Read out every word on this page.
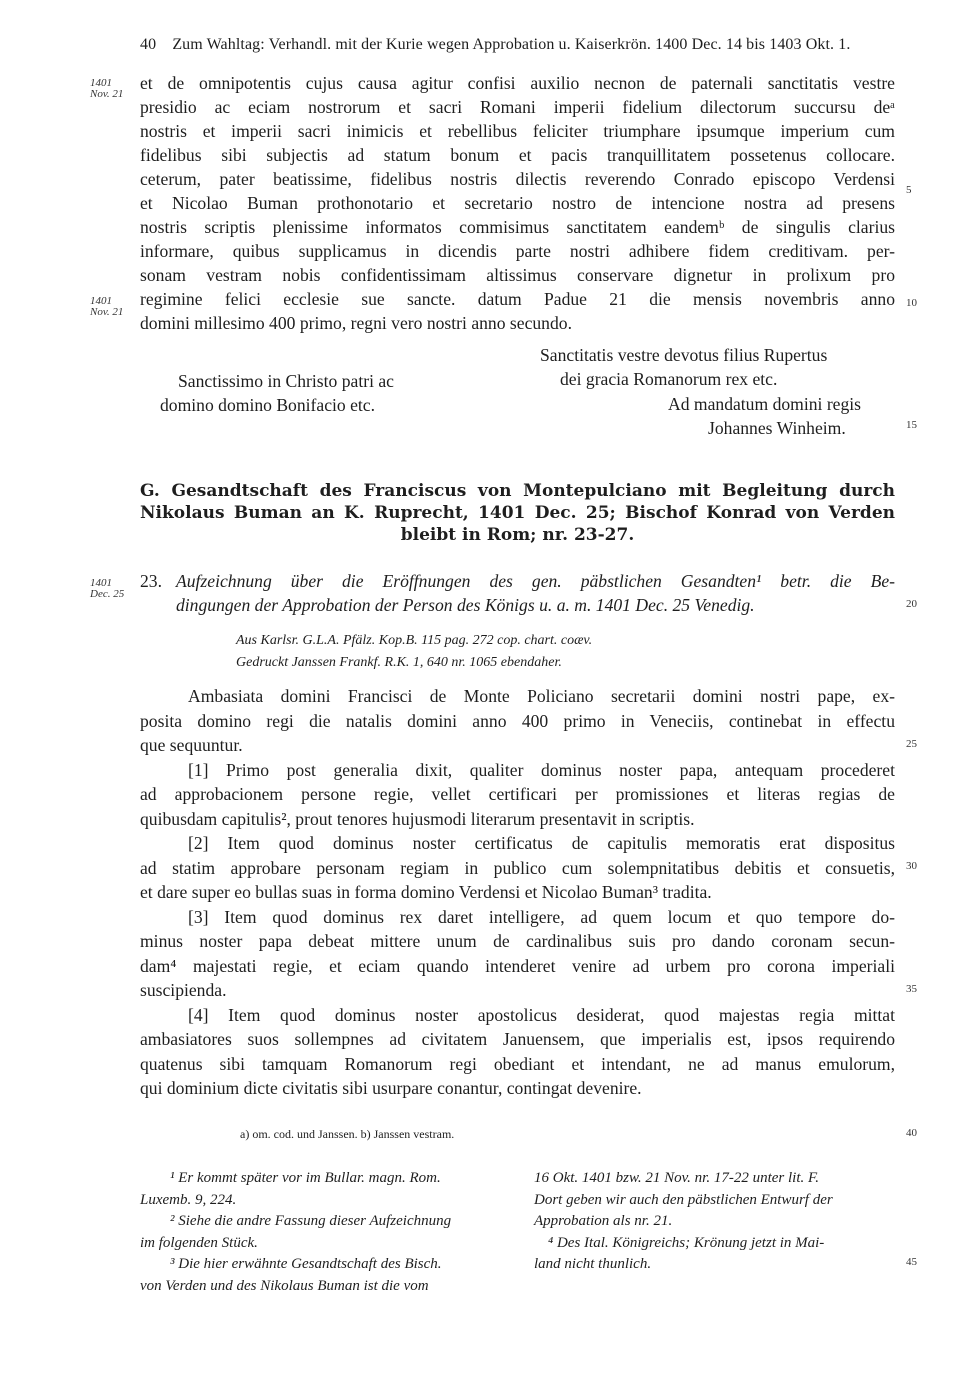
40 Zum Wahltag: Verhandl. mit der Kurie wegen Approbation u. Kaiserkrön. 1400 Dec. 14 bis 1403 Okt. 1.
1401
Nov. 21
1401
Nov. 21
et de omnipotentis cujus causa agitur confisi auxilio necnon de paternali sanctitatis vestre
presidio ac eciam nostrorum et sacri Romani imperii fidelium dilectorum succursu deᵃ
nostris et imperii sacri inimicis et rebellibus feliciter triumphare ipsumque imperium cum
fidelibus sibi subjectis ad statum bonum et pacis tranquillitatem possetenus collocare.
ceterum, pater beatissime, fidelibus nostris dilectis reverendo Conrado episcopo Verdensi
et Nicolao Buman prothonotario et secretario nostro de intencione nostra ad presens
nostris scriptis plenissime informatos commisimus sanctitatem eandemᵇ de singulis clarius
informare, quibus supplicamus in dicendis parte nostri adhibere fidem creditivam. per-
sonam vestram nobis confidentissimam altissimus conservare dignetur in prolixum pro
regimine felici ecclesie sue sancte. datum Padue 21 die mensis novembris anno
domini millesimo 400 primo, regni vero nostri anno secundo.
5
10
15
Sanctitatis vestre devotus filius Rupertus
dei gracia Romanorum rex etc.
Sanctissimo in Christo patri ac
domino domino Bonifacio etc.	Ad mandatum domini regis
Johannes Winheim.
G. Gesandtschaft des Franciscus von Montepulciano mit Begleitung durch
Nikolaus Buman an K. Ruprecht, 1401 Dec. 25; Bischof Konrad von Verden
bleibt in Rom; nr. 23-27.
1401
Dec. 25
23. Aufzeichnung über die Eröffnungen des gen. päbstlichen Gesandten¹ betr. die Be-
dingungen der Approbation der Person des Königs u. a. m. 1401 Dec. 25 Venedig.	20
Aus Karlsr. G.L.A. Pfälz. Kop.B. 115 pag. 272 cop. chart. coæv.
Gedruckt Janssen Frankf. R.K. 1, 640 nr. 1065 ebendaher.
Ambasiata domini Francisci de Monte Policiano secretarii domini nostri pape, ex-
posita domino regi die natalis domini anno 400 primo in Veneciis, continebat in effectu
que sequuntur.
[1] Primo post generalia dixit, qualiter dominus noster papa, antequam procederet
ad approbacionem persone regie, vellet certificari per promissiones et literas regias de
quibusdam capitulis², prout tenores hujusmodi literarum presentavit in scriptis.
[2] Item quod dominus noster certificatus de capitulis memoratis erat dispositus
ad statim approbare personam regiam in publico cum solempnitatibus debitis et consuetis,
et dare super eo bullas suas in forma domino Verdensi et Nicolao Buman³ tradita.
[3] Item quod dominus rex daret intelligere, ad quem locum et quo tempore do-
minus noster papa debeat mittere unum de cardinalibus suis pro dando coronam secun-
dam⁴ majestati regie, et eciam quando intenderet venire ad urbem pro corona imperiali
suscipienda.
[4] Item quod dominus noster apostolicus desiderat, quod majestas regia mittat
ambasiatores suos sollempnes ad civitatem Januensem, que imperialis est, ipsos requirendo
quatenus sibi tamquam Romanorum regi obediant et intendant, ne ad manus emulorum,
qui dominium dicte civitatis sibi usurpare conantur, contingat devenire.
25
30
35
a) om. cod. und Janssen. b) Janssen vestram.	40
¹ Er kommt später vor im Bullar. magn. Rom.
Luxemb. 9, 224.
² Siehe die andre Fassung dieser Aufzeichnung
im folgenden Stück.
³ Die hier erwähnte Gesandtschaft des Bisch.
von Verden und des Nikolaus Buman ist die vom
16 Okt. 1401 bzw. 21 Nov. nr. 17-22 unter lit. F.
Dort geben wir auch den päbstlichen Entwurf der
Approbation als nr. 21.
⁴ Des Ital. Königreichs; Krönung jetzt in Mai-
land nicht thunlich.	45
